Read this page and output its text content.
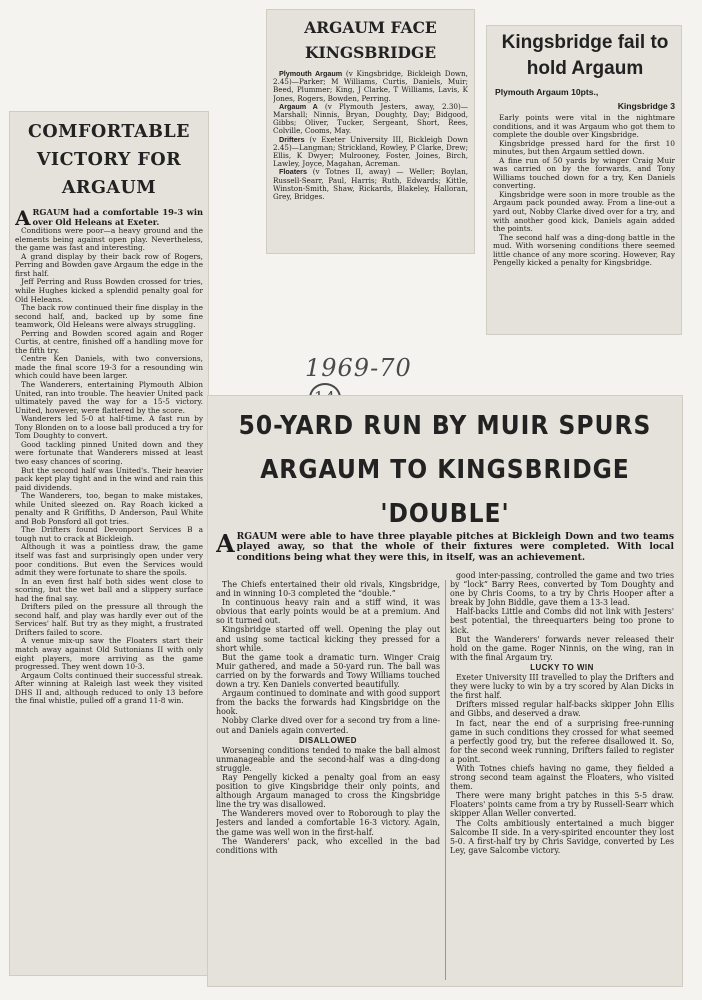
COMFORTABLE VICTORY FOR ARGAUM

ARGAUM had a comfortable 19-3 win over Old Heleans at Exeter.

Conditions were poor—a heavy ground and the elements being against open play. Nevertheless, the game was fast and interesting.

A grand display by their back row of Rogers, Perring and Bowden gave Argaum the edge in the first half.

Jeff Perring and Russ Bowden crossed for tries, while Hughes kicked a splendid penalty goal for Old Heleans.

The back row continued their fine display in the second half, and, backed up by some fine teamwork, Old Heleans were always struggling.

Perring and Bowden scored again and Roger Curtis, at centre, finished off a handling move for the fifth try.

Centre Ken Daniels, with two conversions, made the final score 19-3 for a resounding win which could have been larger.

The Wanderers, entertaining Plymouth Albion United, ran into trouble. The heavier United pack ultimately paved the way for a 15-5 victory. United, however, were flattered by the score.

Wanderers led 5-0 at half-time. A fast run by Tony Blonden on to a loose ball produced a try for Tom Doughty to convert.

Good tackling pinned United down and they were fortunate that Wanderers missed at least two easy chances of scoring.

But the second half was United's. Their heavier pack kept play tight and in the wind and rain this paid dividends.

The Wanderers, too, began to make mistakes, while United sleezed on. Ray Roach kicked a penalty and R Griffiths, D Anderson, Paul White and Bob Ponsford all got tries.

The Drifters found Devonport Services B a tough nut to crack at Bickleigh.

Although it was a pointless draw, the game itself was fast and surprisingly open under very poor conditions. But even the Services would admit they were fortunate to share the spoils.

In an even first half both sides went close to scoring, but the wet ball and a slippery surface had the final say.

Drifters piled on the pressure all through the second half, and play was hardly ever out of the Services' half. But try as they might, a frustrated Drifters failed to score.

A venue mix-up saw the Floaters start their match away against Old Suttonians II with only eight players, more arriving as the game progressed. They went down 10-3.

Argaum Colts continued their successful streak. After winning at Raleigh last week they visited DHS II and, although reduced to only 13 before the final whistle, pulled off a grand 11-8 win.

ARGAUM FACE KINGSBRIDGE

Plymouth Argaum (v Kingsbridge, Bickleigh Down, 2.45)—Parker; M Williams, Curtis, Daniels, Muir; Beed, Plummer; King, J Clarke, T Williams, Lavis, K Jones, Rogers, Bowden, Perring.

Argaum A (v Plymouth Jesters, away, 2.30)— Marshall; Ninnis, Bryan, Doughty, Day; Bidgood, Gibbs; Oliver, Tucker, Sergeant, Short, Rees, Colville, Cooms, May.

Drifters (v Exeter University III, Bickleigh Down 2.45)—Langman; Strickland, Rowley, P Clarke, Drew; Ellis, K Dwyer; Mulrooney, Foster, Joines, Birch, Lawley, Joyce, Magahan, Acreman.

Floaters (v Totnes II, away) — Weller; Boylan, Russell-Searr, Paul, Harris; Ruth, Edwards; Kittle, Winston-Smith, Shaw, Rickards, Blakeley, Halloran, Grey, Bridges.

Kingsbridge fail to hold Argaum
Plymouth Argaum 10pts.,
Kingsbridge 3

Early points were vital in the nightmare conditions, and it was Argaum who got them to complete the double over Kingsbridge.

Kingsbridge pressed hard for the first 10 minutes, but then Argaum settled down.

A fine run of 50 yards by winger Craig Muir was carried on by the forwards, and Tony Williams touched down for a try, Ken Daniels converting.

Kingsbridge were soon in more trouble as the Argaum pack pounded away. From a line-out a yard out, Nobby Clarke dived over for a try, and with another good kick, Daniels again added the points.

The second half was a ding-dong battle in the mud. With worsening conditions there seemed little chance of any more scoring. However, Ray Pengelly kicked a penalty for Kingsbridge.

1969-70
50-YARD RUN BY MUIR SPURS ARGAUM TO KINGSBRIDGE 'DOUBLE'

ARGAUM were able to have three playable pitches at Bickleigh Down and two teams played away, so that the whole of their fixtures were completed. With local conditions being what they were this, in itself, was an achievement.

The Chiefs entertained their old rivals, Kingsbridge, and in winning 10-3 completed the “double.”

In continuous heavy rain and a stiff wind, it was obvious that early points would be at a premium. And so it turned out.

Kingsbridge started off well. Opening the play out and using some tactical kicking they pressed for a short while.

But the game took a dramatic turn. Winger Craig Muir gathered, and made a 50-yard run. The ball was carried on by the forwards and Towy Williams touched down a try. Ken Daniels converted beautifully.

Argaum continued to dominate and with good support from the backs the forwards had Kingsbridge on the hook.

Nobby Clarke dived over for a second try from a line-out and Daniels again converted.

DISALLOWED

Worsening conditions tended to make the ball almost unmanageable and the second-half was a ding-dong struggle.

Ray Pengelly kicked a penalty goal from an easy position to give Kingsbridge their only points, and although Argaum managed to cross the Kingsbridge line the try was disallowed.

The Wanderers moved over to Roborough to play the Jesters and landed a comfortable 16-3 victory. Again, the game was well won in the first-half.

The Wanderers' pack, who excelled in the bad conditions with

good inter-passing, controlled the game and two tries by “lock” Barry Rees, converted by Tom Doughty and one by Chris Cooms, to a try by Chris Hooper after a break by John Biddle, gave them a 13-3 lead.

Half-backs Little and Combs did not link with Jesters' best potential, the threequarters being too prone to kick.

But the Wanderers' forwards never released their hold on the game. Roger Ninnis, on the wing, ran in with the final Argaum try.

LUCKY TO WIN

Exeter University III travelled to play the Drifters and they were lucky to win by a try scored by Alan Dicks in the first half.

Drifters missed regular half-backs skipper John Ellis and Gibbs, and deserved a draw.

In fact, near the end of a surprising free-running game in such conditions they crossed for what seemed a perfectly good try, but the referee disallowed it. So, for the second week running, Drifters failed to register a point.

With Totnes chiefs having no game, they fielded a strong second team against the Floaters, who visited them.

There were many bright patches in this 5-5 draw. Floaters' points came from a try by Russell-Searr which skipper Allan Weller converted.

The Colts ambitiously entertained a much bigger Salcombe II side. In a very-spirited encounter they lost 5-0. A first-half try by Chris Savidge, converted by Les Ley, gave Salcombe victory.
